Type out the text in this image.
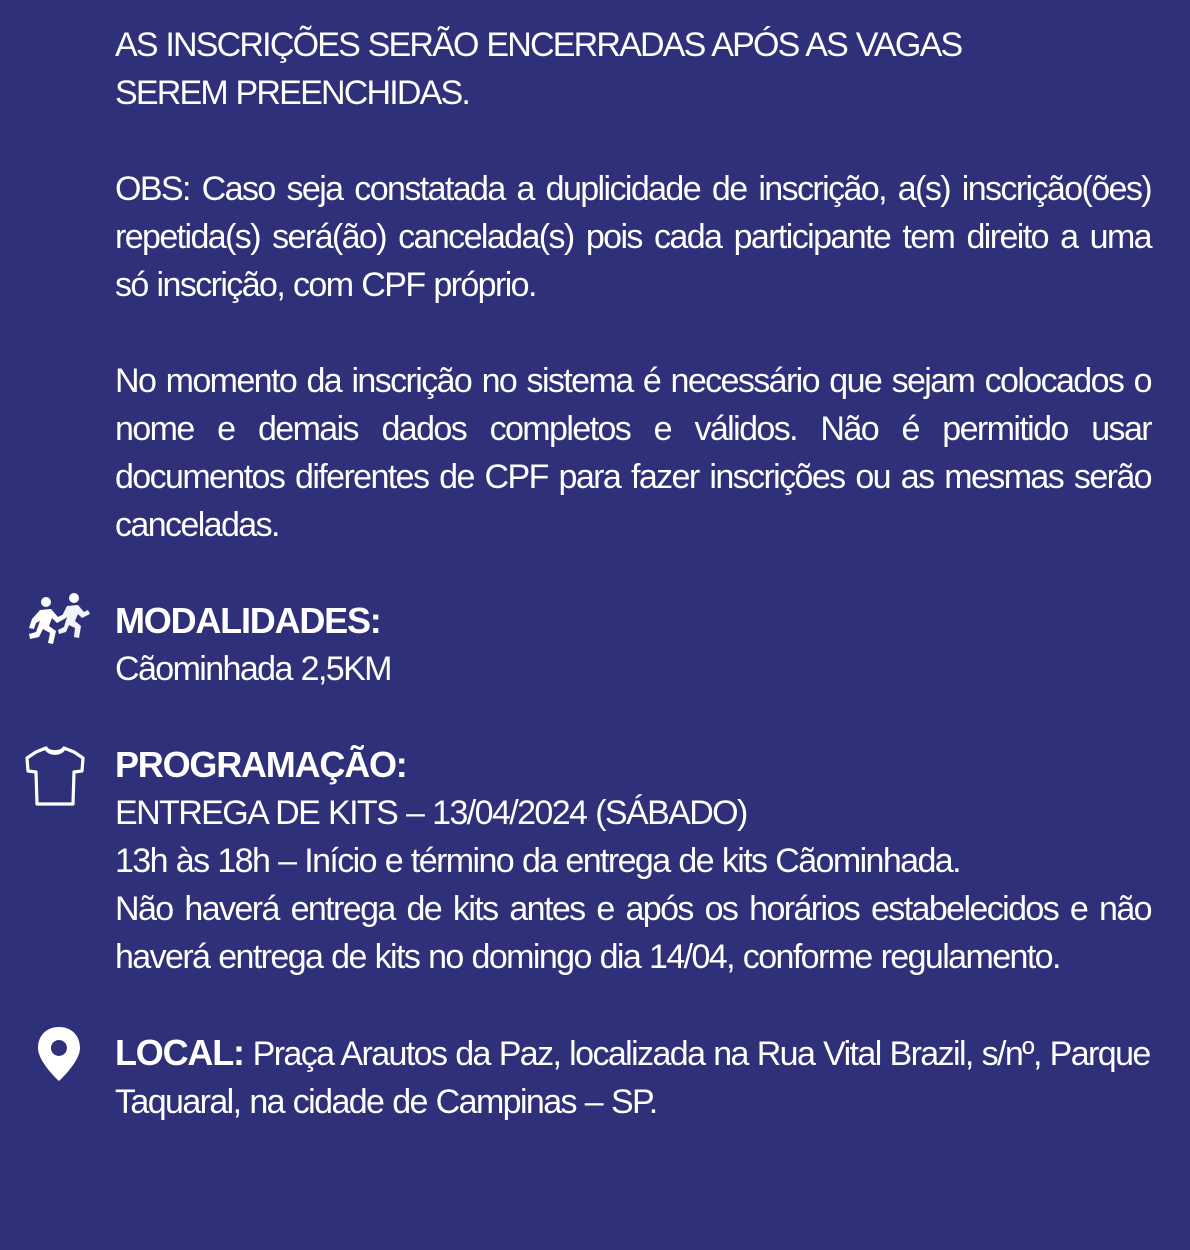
AS INSCRIÇÕES SERÃO ENCERRADAS APÓS AS VAGAS SEREM PREENCHIDAS.

OBS: Caso seja constatada a duplicidade de inscrição, a(s) inscrição(ões) repetida(s) será(ão) cancelada(s) pois cada participante tem direito a uma só inscrição, com CPF próprio.

No momento da inscrição no sistema é necessário que sejam colocados o nome e demais dados completos e válidos. Não é permitido usar documentos diferentes de CPF para fazer inscrições ou as mesmas serão canceladas.

MODALIDADES:

Cãominhada 2,5KM

PROGRAMAÇÃO:

ENTREGA DE KITS – 13/04/2024 (SÁBADO)

13h às 18h – Início e término da entrega de kits Cãominhada.

Não haverá entrega de kits antes e após os horários estabelecidos e não haverá entrega de kits no domingo dia 14/04, conforme regulamento.

LOCAL: Praça Arautos da Paz, localizada na Rua Vital Brazil, s/nº, Parque

Taquaral, na cidade de Campinas – SP.
